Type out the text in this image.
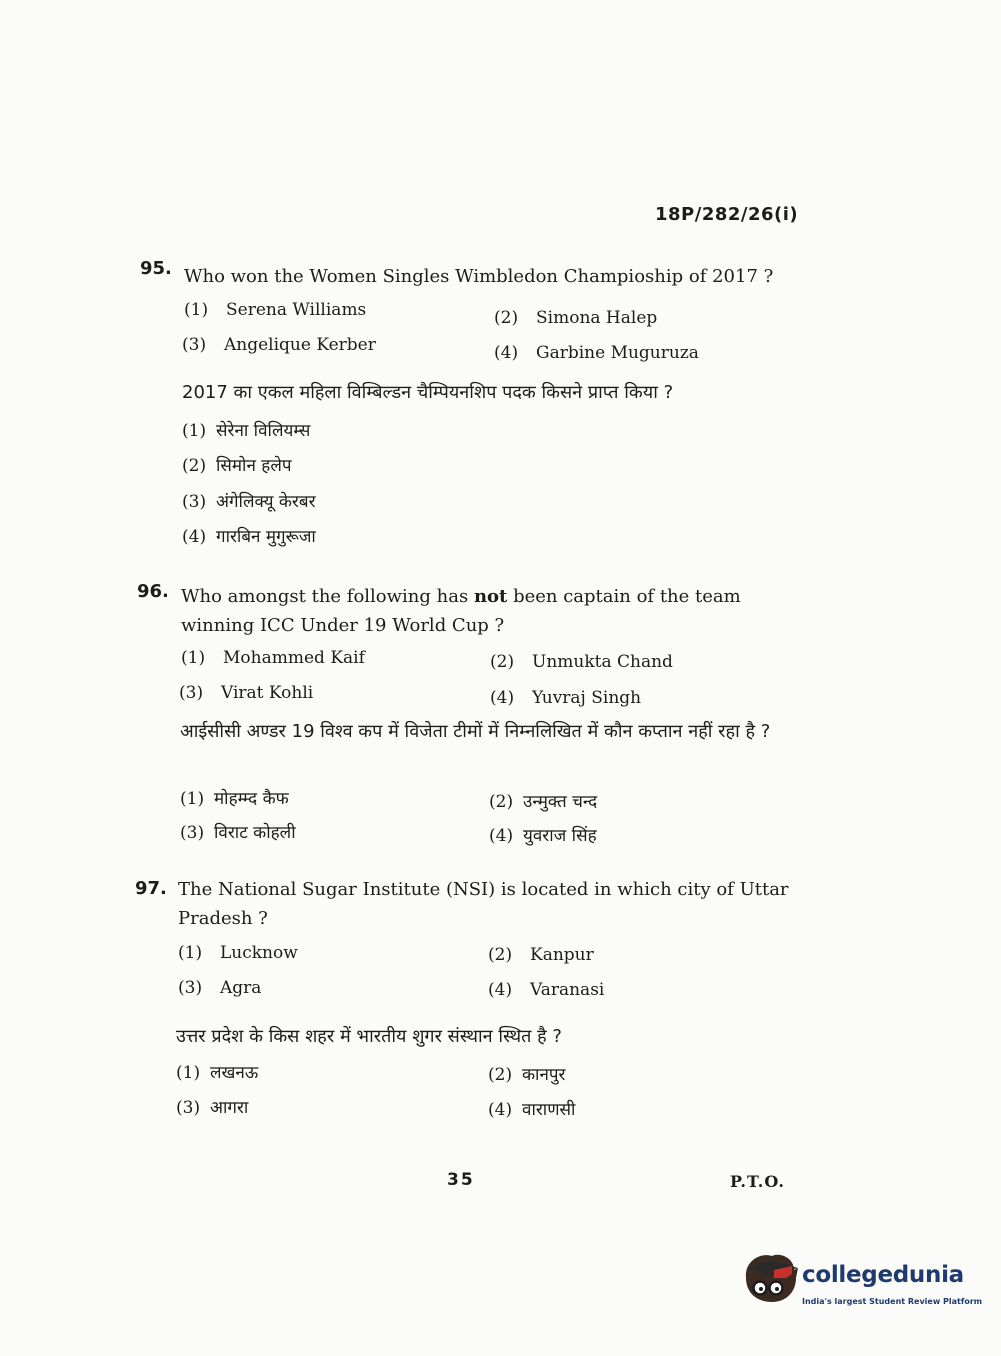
18P/282/26(i)
95. Who won the Women Singles Wimbledon Champioship of 2017 ?
(1) Serena Williams	(2) Simona Halep
(3) Angelique Kerber	(4) Garbine Muguruza
2017 का एकल महिला विम्बिल्डन चैम्पियनशिप पदक किसने प्राप्त किया ?
(1) सेरेना विलियम्स
(2) सिमोन हलेप
(3) अंगेलिक्यू केरबर
(4) गारबिन मुगुरूजा
96. Who amongst the following has not been captain of the team winning ICC Under 19 World Cup ?
(1) Mohammed Kaif	(2) Unmukta Chand
(3) Virat Kohli	(4) Yuvraj Singh
आईसीसी अण्डर 19 विश्व कप में विजेता टीमों में निम्नलिखित में कौन कप्तान नहीं रहा है ?
(1) मोहम्म्द कैफ	(2) उन्मुक्त चन्द
(3) विराट कोहली	(4) युवराज सिंह
97. The National Sugar Institute (NSI) is located in which city of Uttar Pradesh ?
(1) Lucknow	(2) Kanpur
(3) Agra	(4) Varanasi
उत्तर प्रदेश के किस शहर में भारतीय शुगर संस्थान स्थित है ?
(1) लखनऊ	(2) कानपुर
(3) आगरा	(4) वाराणसी
35	P.T.O.
collegedunia
India's largest Student Review Platform
